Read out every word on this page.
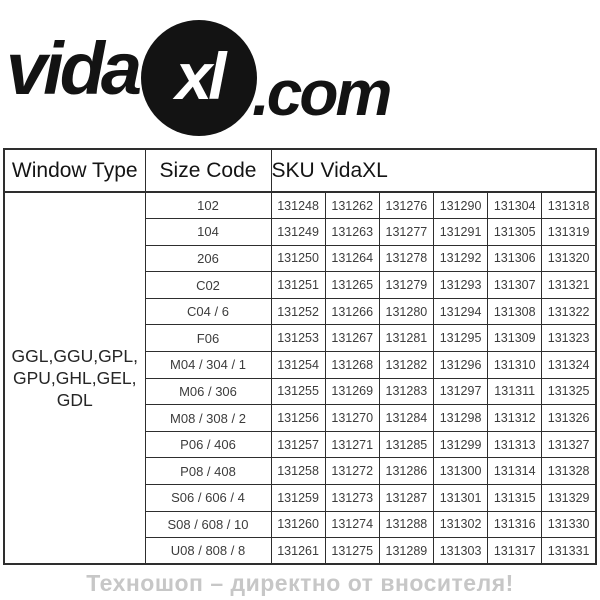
vida xl .com
Window Type	Size Code	SKU VidaXL					

GGL,GGU,GPL,
GPU,GHL,GEL,
GDL	102	131248	131262	131276	131290	131304	131318
	104	131249	131263	131277	131291	131305	131319
	206	131250	131264	131278	131292	131306	131320
	C02	131251	131265	131279	131293	131307	131321
	C04 / 6	131252	131266	131280	131294	131308	131322
	F06	131253	131267	131281	131295	131309	131323
	M04 / 304 / 1	131254	131268	131282	131296	131310	131324
	M06 / 306	131255	131269	131283	131297	131311	131325
	M08 / 308 / 2	131256	131270	131284	131298	131312	131326
	P06 / 406	131257	131271	131285	131299	131313	131327
	P08 / 408	131258	131272	131286	131300	131314	131328
	S06 / 606 / 4	131259	131273	131287	131301	131315	131329
	S08 / 608 / 10	131260	131274	131288	131302	131316	131330
	U08 / 808 / 8	131261	131275	131289	131303	131317	131331
Техношоп – директно от вносителя!
